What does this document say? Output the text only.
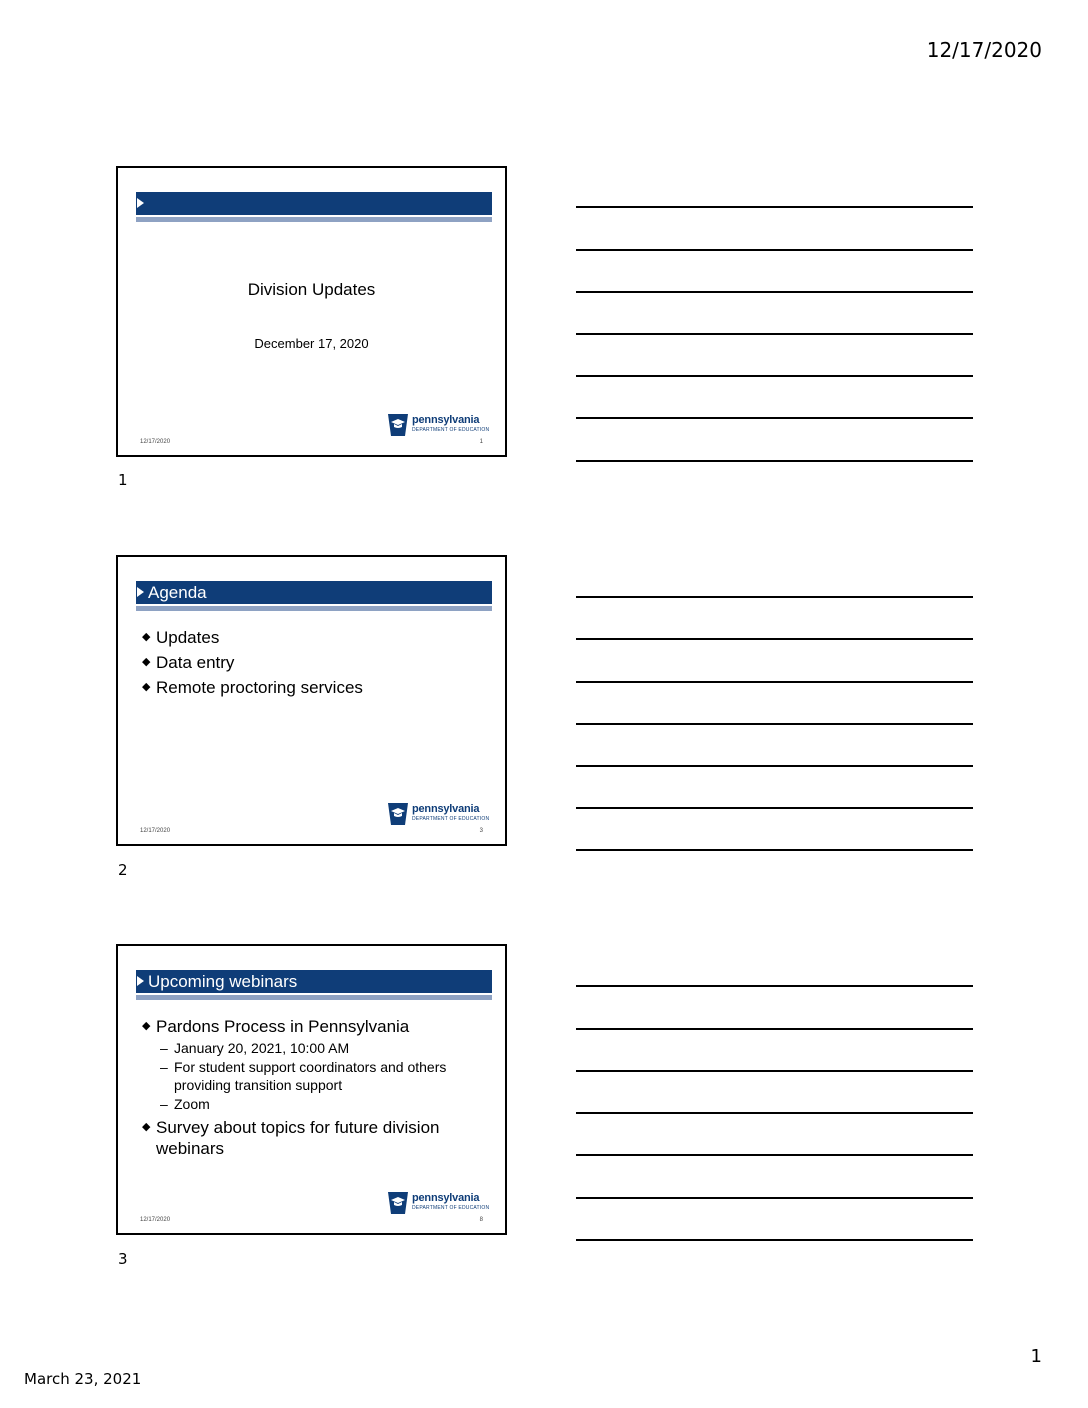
12/17/2020
Division Updates
December 17, 2020
pennsylvania
DEPARTMENT OF EDUCATION
12/17/2020	1
1
Agenda
◆ Updates
◆ Data entry
◆ Remote proctoring services
pennsylvania
DEPARTMENT OF EDUCATION
12/17/2020	3
2
Upcoming webinars
◆ Pardons Process in Pennsylvania
– January 20, 2021, 10:00 AM
– For student support coordinators and others providing transition support
– Zoom
◆ Survey about topics for future division webinars
pennsylvania
DEPARTMENT OF EDUCATION
12/17/2020	8
3
1
March 23, 2021
